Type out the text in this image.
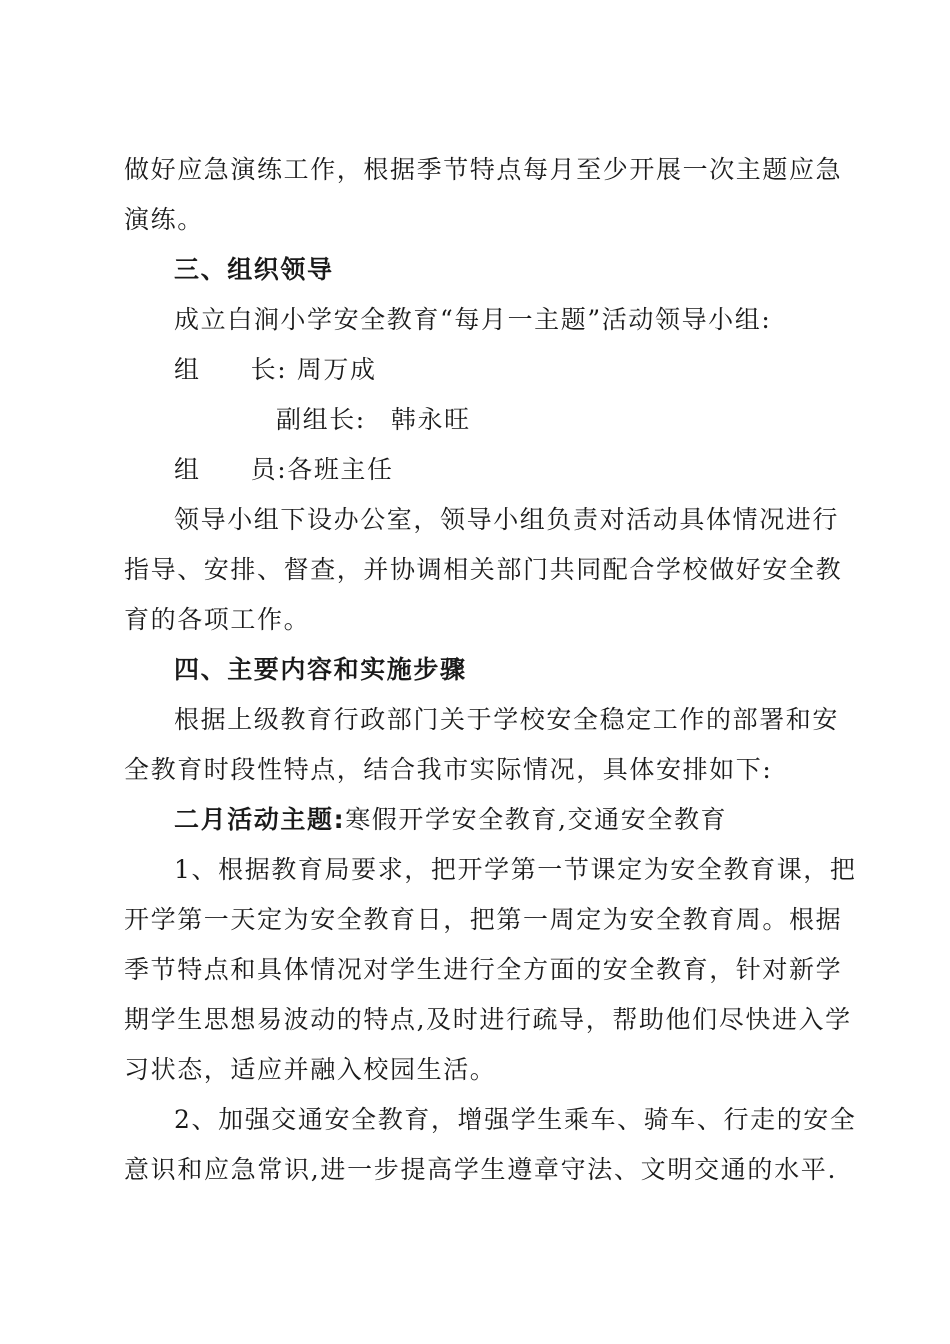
做好应急演练工作，根据季节特点每月至少开展一次主题应急
演练。
三、组织领导
成立白涧小学安全教育“每月一主题”活动领导小组:
组 长: 周万成
副组长: 韩永旺
组 员:各班主任
领导小组下设办公室，领导小组负责对活动具体情况进行
指导、安排、督查，并协调相关部门共同配合学校做好安全教
育的各项工作。
四、主要内容和实施步骤
根据上级教育行政部门关于学校安全稳定工作的部署和安
全教育时段性特点，结合我市实际情况，具体安排如下:
二月活动主题:寒假开学安全教育,交通安全教育
1、根据教育局要求，把开学第一节课定为安全教育课，把
开学第一天定为安全教育日，把第一周定为安全教育周。根据
季节特点和具体情况对学生进行全方面的安全教育，针对新学
期学生思想易波动的特点,及时进行疏导，帮助他们尽快进入学
习状态，适应并融入校园生活。
2、加强交通安全教育，增强学生乘车、骑车、行走的安全
意识和应急常识,进一步提高学生遵章守法、文明交通的水平.
